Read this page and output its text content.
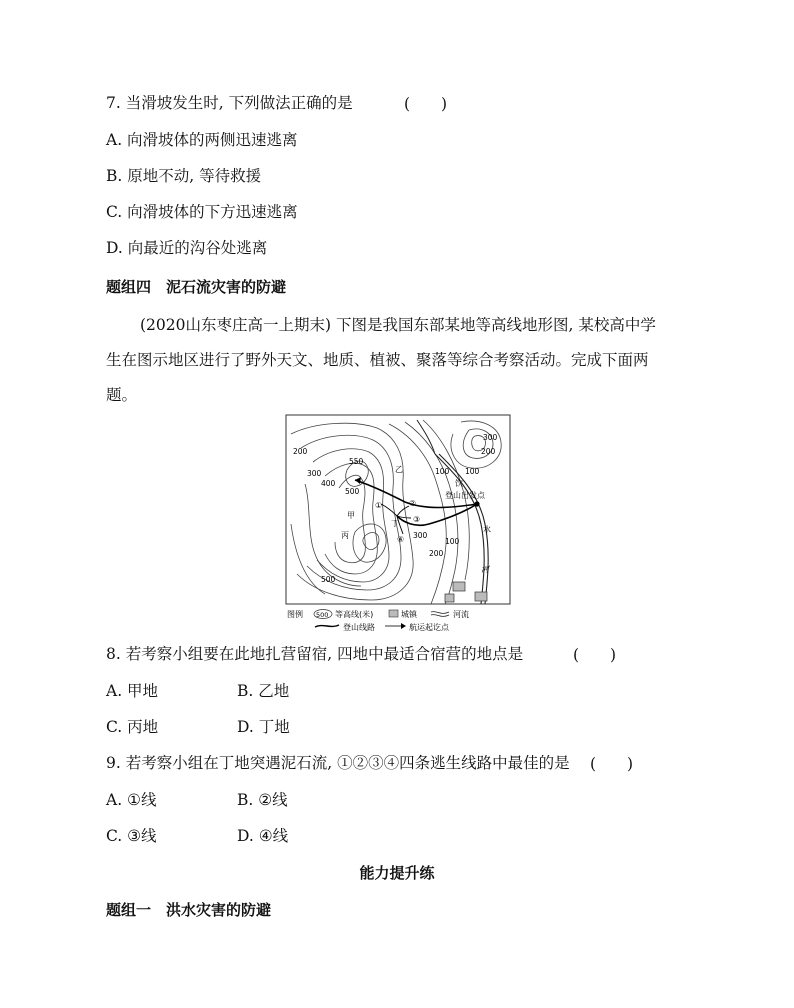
7. 当滑坡发生时, 下列做法正确的是	(　　)
A. 向滑坡体的两侧迅速逃离
B. 原地不动, 等待救援
C. 向滑坡体的下方迅速逃离
D. 向最近的沟谷处逃离
题组四　泥石流灾害的防避
(2020山东枣庄高一上期末) 下图是我国东部某地等高线地形图, 某校高中学
生在图示地区进行了野外天文、地质、植被、聚落等综合考察活动。完成下面两
题。
550
500
400
300
200
100
300
200
100
500
300
200
100
甲
乙
丙
丁
①	②
③
④
饮
水
河
登山出发点
图例 500 等高线(米)	城镇	河流
登山线路	航运起讫点
8. 若考察小组要在此地扎营留宿, 四地中最适合宿营的地点是	(　　)
A. 甲地	B. 乙地
C. 丙地	D. 丁地
9. 若考察小组在丁地突遇泥石流, ①②③④四条逃生线路中最佳的是 (　　)
A. ①线	B. ②线
C. ③线	D. ④线
能力提升练
题组一　洪水灾害的防避
